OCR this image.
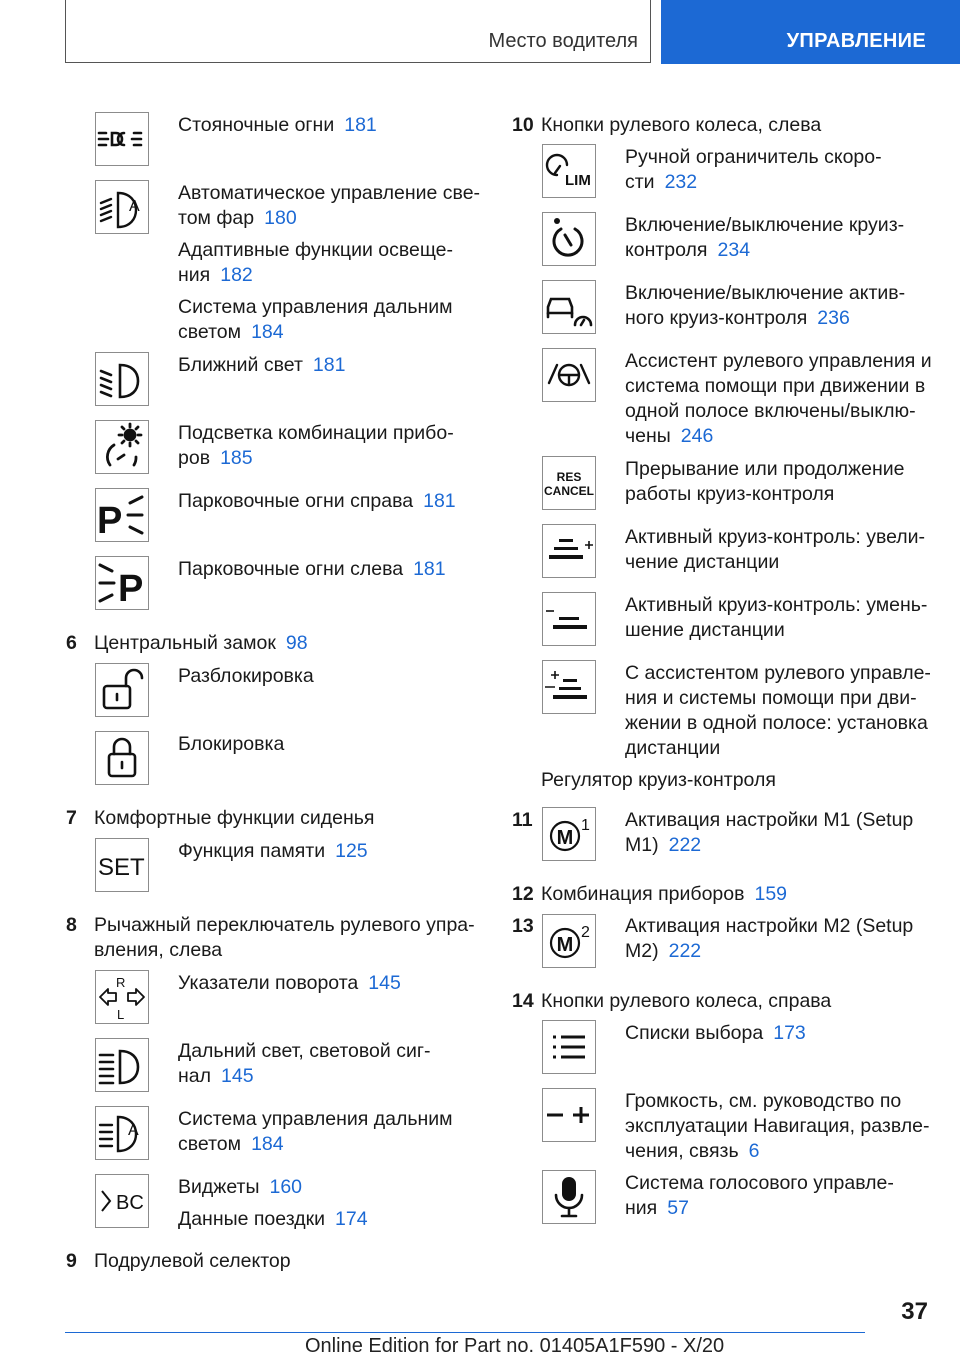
Место водителя	УПРАВЛЕНИЕ
Стояночные огни 181
A
Автоматическое управление све-
том фар 180
Адаптивные функции освеще-
ния 182
Система управления дальним
светом 184
Ближний свет 181
Подсветка комбинации прибо-
ров 185
P	Парковочные огни справа 181
P Парковочные огни слева 181
6 Центральный замок 98
Разблокировка
Блокировка
7 Комфортные функции сиденья
SET
Функция памяти 125
8 Рычажный переключатель рулевого упра-
вления, слева
R
L
Указатели поворота 145
Дальний свет, световой сиг-
нал 145
A
Система управления дальним
светом 184
BC
Виджеты 160
Данные поездки 174
9 Подрулевой селектор
10 Кнопки рулевого колеса, слева
LIM
Ручной ограничитель скоро-
сти 232
Включение/выключение круиз-
контроля 234
Включение/выключение актив-
ного круиз-контроля 236
Ассистент рулевого управления и
система помощи при движении в
одной полосе включены/выклю-
чены 246
RES
CANCEL
Прерывание или продолжение
работы круиз-контроля
Активный круиз-контроль: увели-
чение дистанции
Активный круиз-контроль: умень-
шение дистанции
С ассистентом рулевого управле-
ния и системы помощи при дви-
жении в одной полосе: установка
дистанции
Регулятор круиз-контроля
11
M
1 Активация настройки M1 (Setup
M1) 222
12 Комбинация приборов 159
13
M
2 Активация настройки M2 (Setup
M2) 222
14 Кнопки рулевого колеса, справа
Списки выбора 173
Громкость, см. руководство по
эксплуатации Навигация, развле-
чения, связь 6
Система голосового управле-
ния 57
37
Online Edition for Part no. 01405A1F590 - X/20
